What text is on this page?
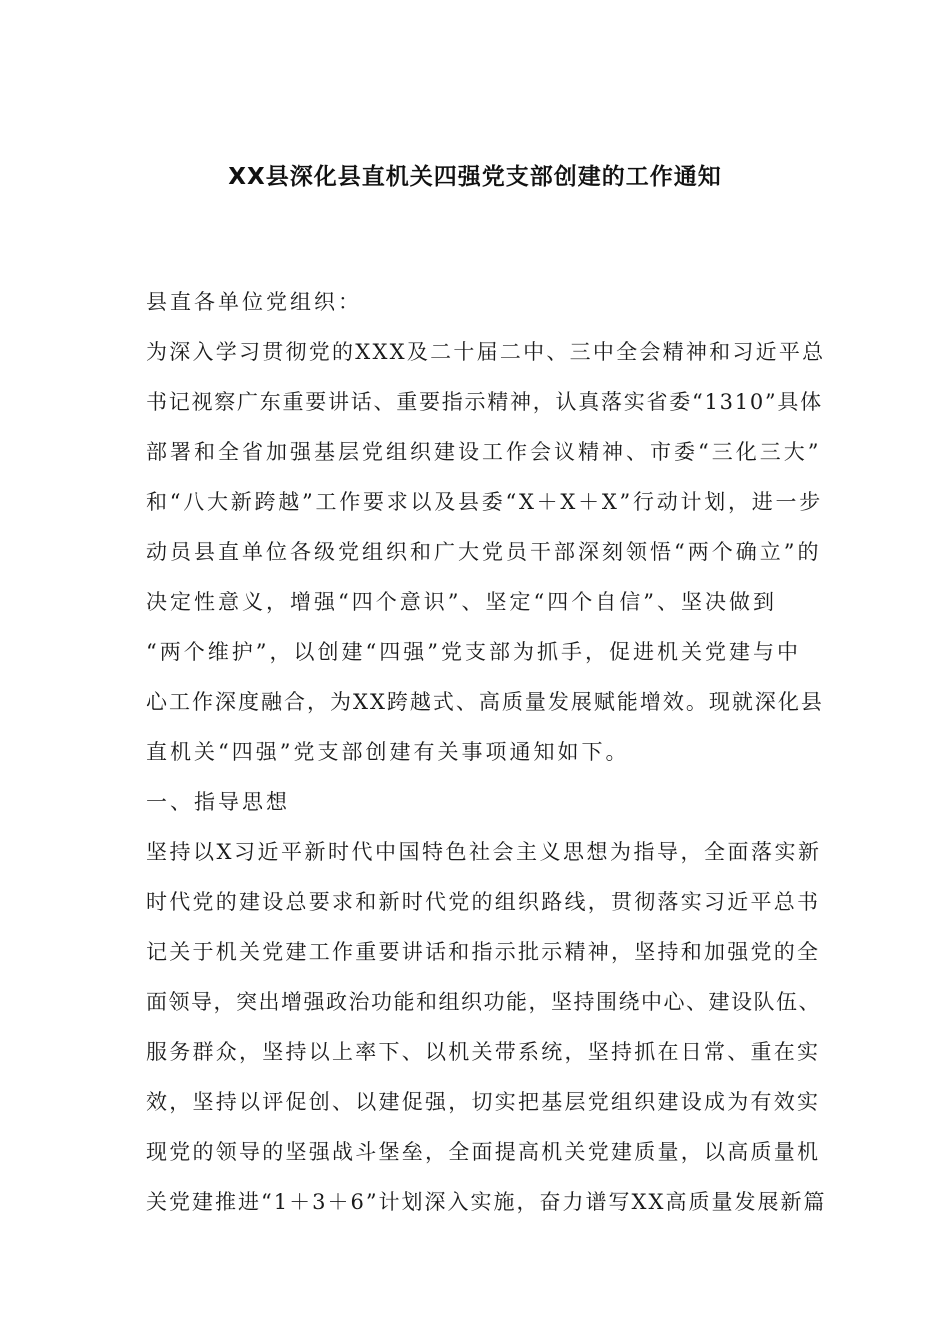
XX县深化县直机关四强党支部创建的工作通知
县直各单位党组织：
为深入学习贯彻党的XXX及二十届二中、三中全会精神和习近平总
书记视察广东重要讲话、重要指示精神，认真落实省委“1310”具体
部署和全省加强基层党组织建设工作会议精神、市委“三化三大”
和“八大新跨越”工作要求以及县委“X＋X＋X”行动计划，进一步
动员县直单位各级党组织和广大党员干部深刻领悟“两个确立”的
决定性意义，增强“四个意识”、坚定“四个自信”、坚决做到
“两个维护”，以创建“四强”党支部为抓手，促进机关党建与中
心工作深度融合，为XX跨越式、高质量发展赋能增效。现就深化县
直机关“四强”党支部创建有关事项通知如下。
一、指导思想
坚持以X习近平新时代中国特色社会主义思想为指导，全面落实新
时代党的建设总要求和新时代党的组织路线，贯彻落实习近平总书
记关于机关党建工作重要讲话和指示批示精神，坚持和加强党的全
面领导，突出增强政治功能和组织功能，坚持围绕中心、建设队伍、
服务群众，坚持以上率下、以机关带系统，坚持抓在日常、重在实
效，坚持以评促创、以建促强，切实把基层党组织建设成为有效实
现党的领导的坚强战斗堡垒，全面提高机关党建质量，以高质量机
关党建推进“1＋3＋6”计划深入实施，奋力谱写XX高质量发展新篇
